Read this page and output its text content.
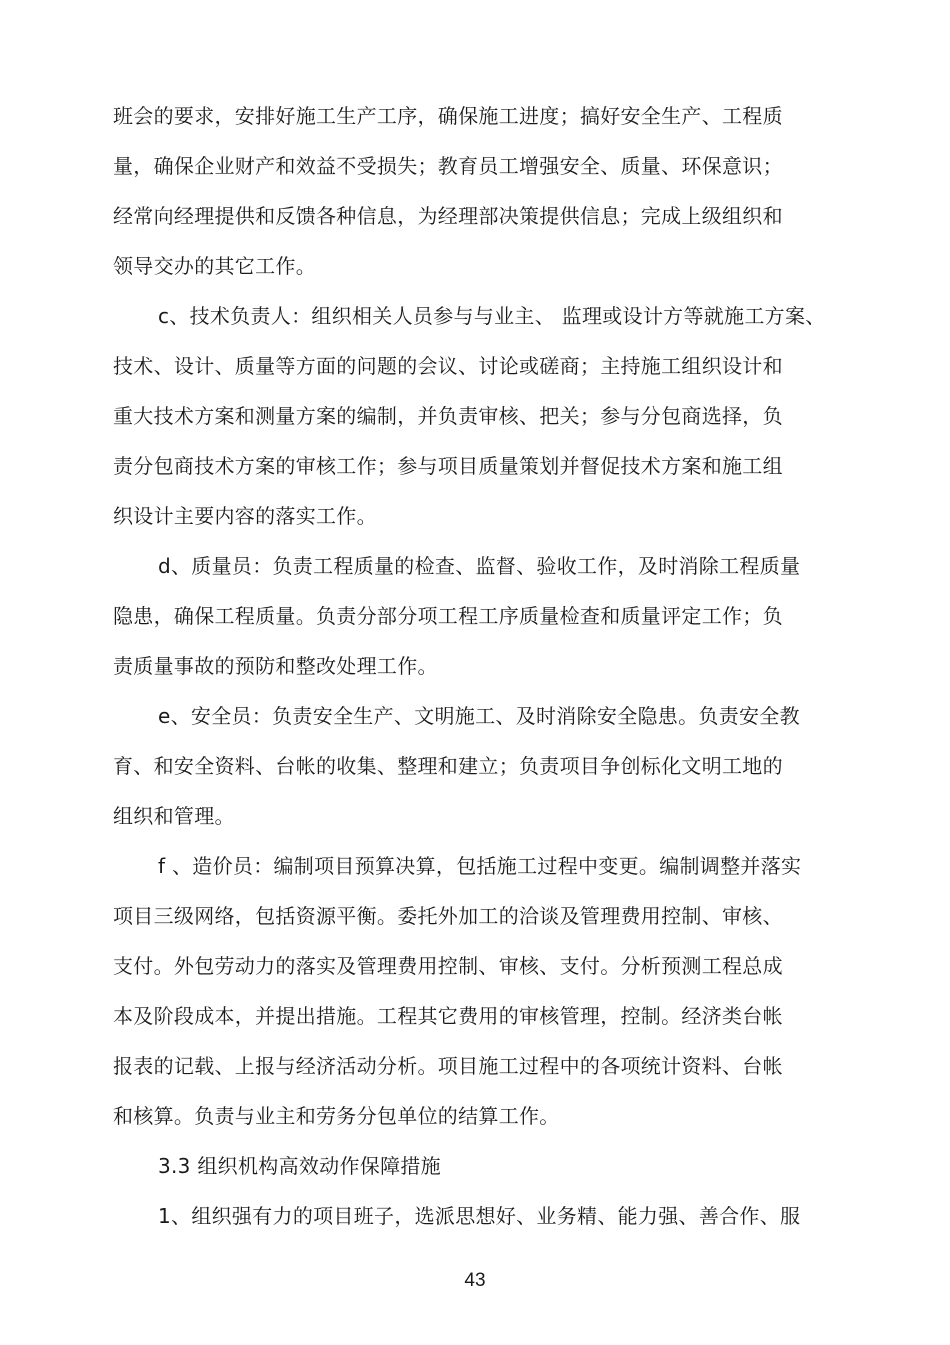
班会的要求，安排好施工生产工序，确保施工进度；搞好安全生产、工程质
量，确保企业财产和效益不受损失；教育员工增强安全、质量、环保意识；
经常向经理提供和反馈各种信息，为经理部决策提供信息；完成上级组织和
领导交办的其它工作。
c、技术负责人：组织相关人员参与与业主、 监理或设计方等就施工方案、
技术、设计、质量等方面的问题的会议、讨论或磋商；主持施工组织设计和
重大技术方案和测量方案的编制，并负责审核、把关；参与分包商选择，负
责分包商技术方案的审核工作；参与项目质量策划并督促技术方案和施工组
织设计主要内容的落实工作。
d、质量员：负责工程质量的检查、监督、验收工作，及时消除工程质量
隐患，确保工程质量。负责分部分项工程工序质量检查和质量评定工作；负
责质量事故的预防和整改处理工作。
e、安全员：负责安全生产、文明施工、及时消除安全隐患。负责安全教
育、和安全资料、台帐的收集、整理和建立；负责项目争创标化文明工地的
组织和管理。
f 、造价员：编制项目预算决算，包括施工过程中变更。编制调整并落实
项目三级网络，包括资源平衡。委托外加工的洽谈及管理费用控制、审核、
支付。外包劳动力的落实及管理费用控制、审核、支付。分析预测工程总成
本及阶段成本，并提出措施。工程其它费用的审核管理，控制。经济类台帐
报表的记载、上报与经济活动分析。项目施工过程中的各项统计资料、台帐
和核算。负责与业主和劳务分包单位的结算工作。
3.3 组织机构高效动作保障措施
1、组织强有力的项目班子，选派思想好、业务精、能力强、善合作、服
43
